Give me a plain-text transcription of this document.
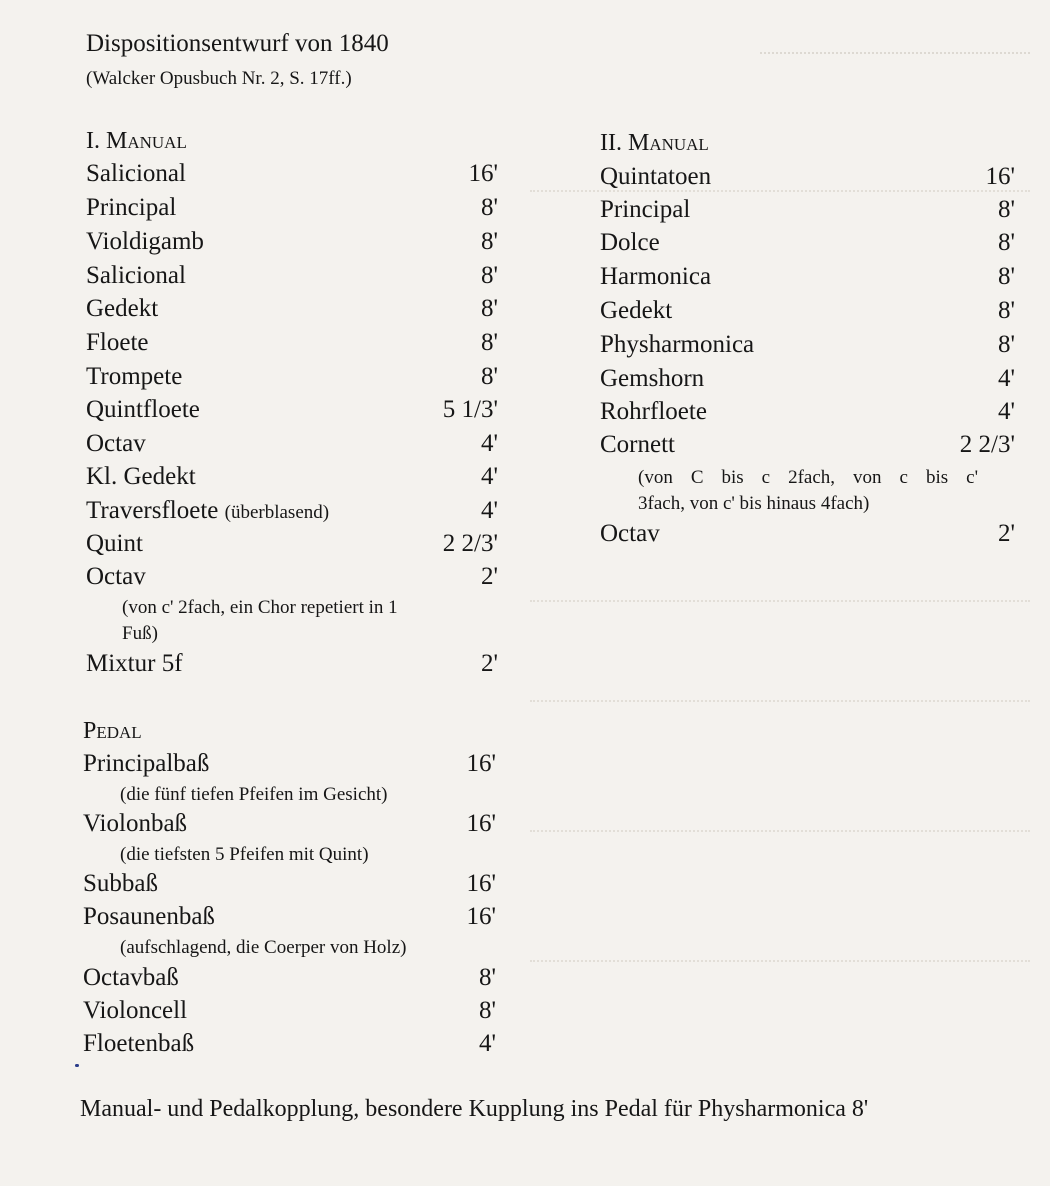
Dispositionsentwurf von 1840
(Walcker Opusbuch Nr. 2, S. 17ff.)
I. Manual
Salicional	16'
Principal	8'
Violdigamb	8'
Salicional	8'
Gedekt	8'
Floete	8'
Trompete	8'
Quintfloete	5 1/3'
Octav	4'
Kl. Gedekt	4'
Traversfloete (überblasend)	4'
Quint	2 2/3'
Octav	2'
(von c' 2fach, ein Chor repetiert in 1
Fuß)
Mixtur 5f	2'
II. Manual
Quintatoen	16'
Principal	8'
Dolce	8'
Harmonica	8'
Gedekt	8'
Physharmonica	8'
Gemshorn	4'
Rohrfloete	4'
Cornett	2 2/3'
(von C bis c 2fach, von c bis c'
3fach, von c' bis hinaus 4fach)
Octav	2'
Pedal
Principalbaß	16'
(die fünf tiefen Pfeifen im Gesicht)
Violonbaß	16'
(die tiefsten 5 Pfeifen mit Quint)
Subbaß	16'
Posaunenbaß	16'
(aufschlagend, die Coerper von Holz)
Octavbaß	8'
Violoncell	8'
Floetenbaß	4'
Manual- und Pedalkopplung, besondere Kupplung ins Pedal für Physharmonica 8'
